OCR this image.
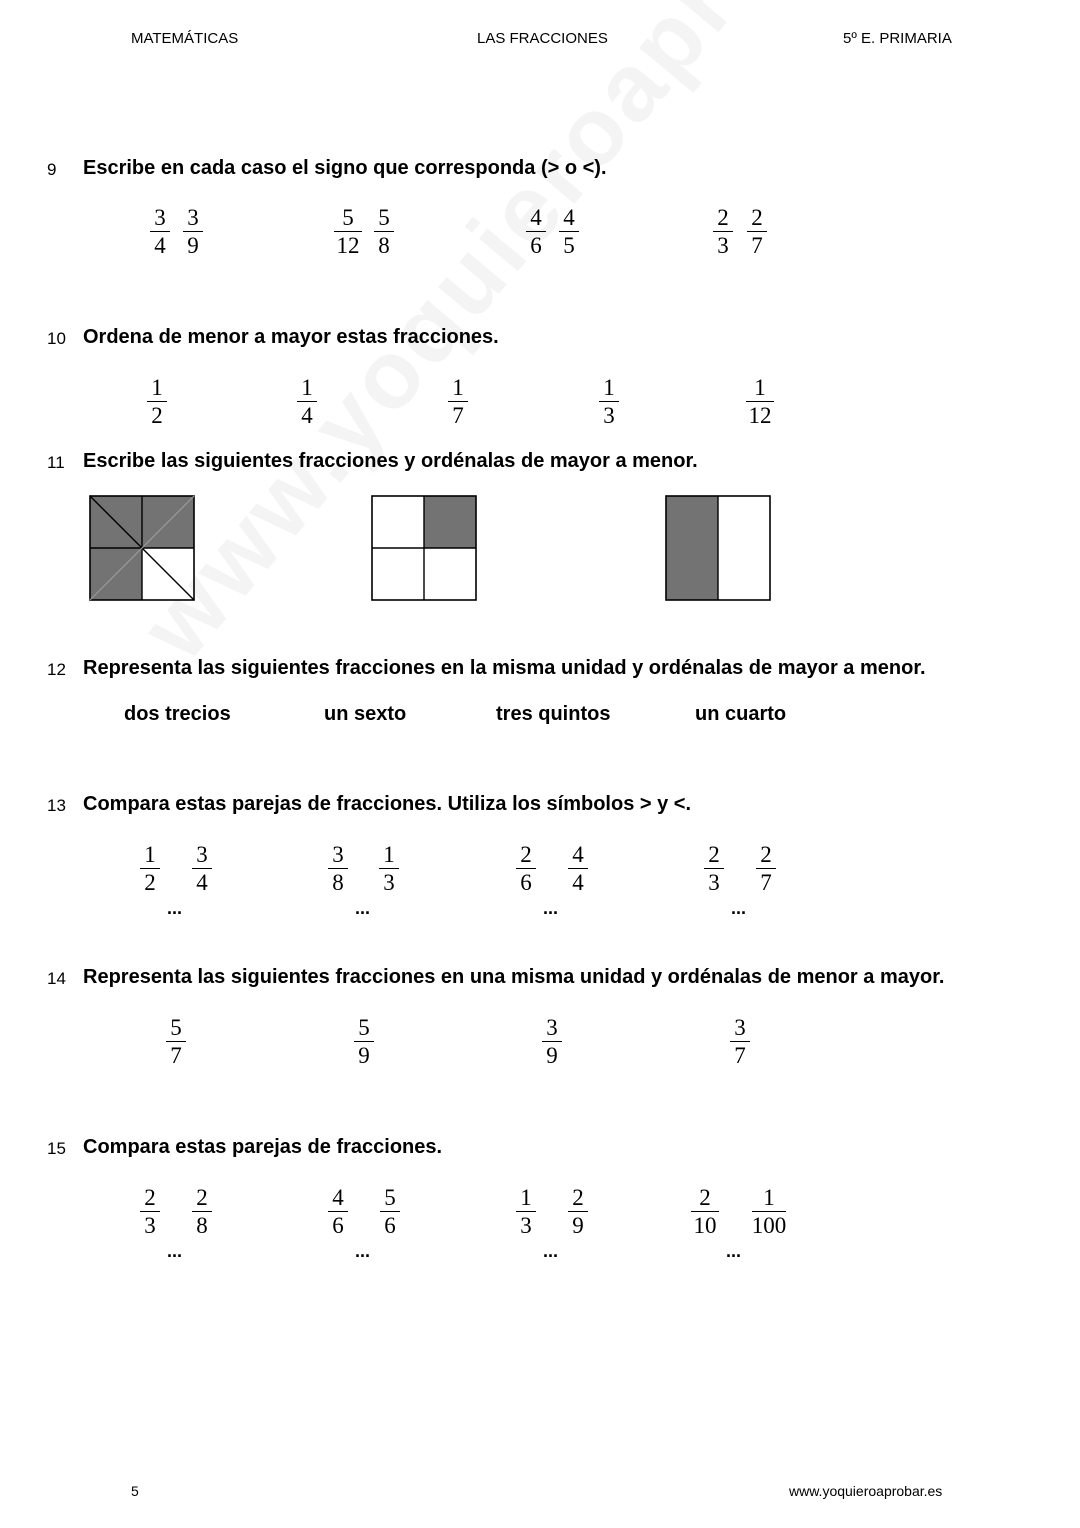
MATEMÁTICAS	LAS FRACCIONES	5º E. PRIMARIA
9 Escribe en cada caso el signo que corresponda (> o <).
3
4
3
9
5
12
5
8
4
6
4
5
2
3
2
7
10 Ordena de menor a mayor estas fracciones.
1
2
1
4
1
7
1
3
1
12
11 Escribe las siguientes fracciones y ordénalas de mayor a menor.
12 Representa las siguientes fracciones en la misma unidad y ordénalas de mayor a menor.
dos trecios	un sexto	tres quintos	un cuarto
13 Compara estas parejas de fracciones. Utiliza los símbolos > y <.
1
2
3
4
3
8
1
3
2
6
4
4
2
3
2
7
...	...	...	...
14 Representa las siguientes fracciones en una misma unidad y ordénalas de menor a mayor.
5
7
5
9
3
9
3
7
15 Compara estas parejas de fracciones.
2
3
2
8
4
6
5
6
1
3
2
9
2
10
1
100
...	...	...	...
5	www.yoquieroaprobar.es
